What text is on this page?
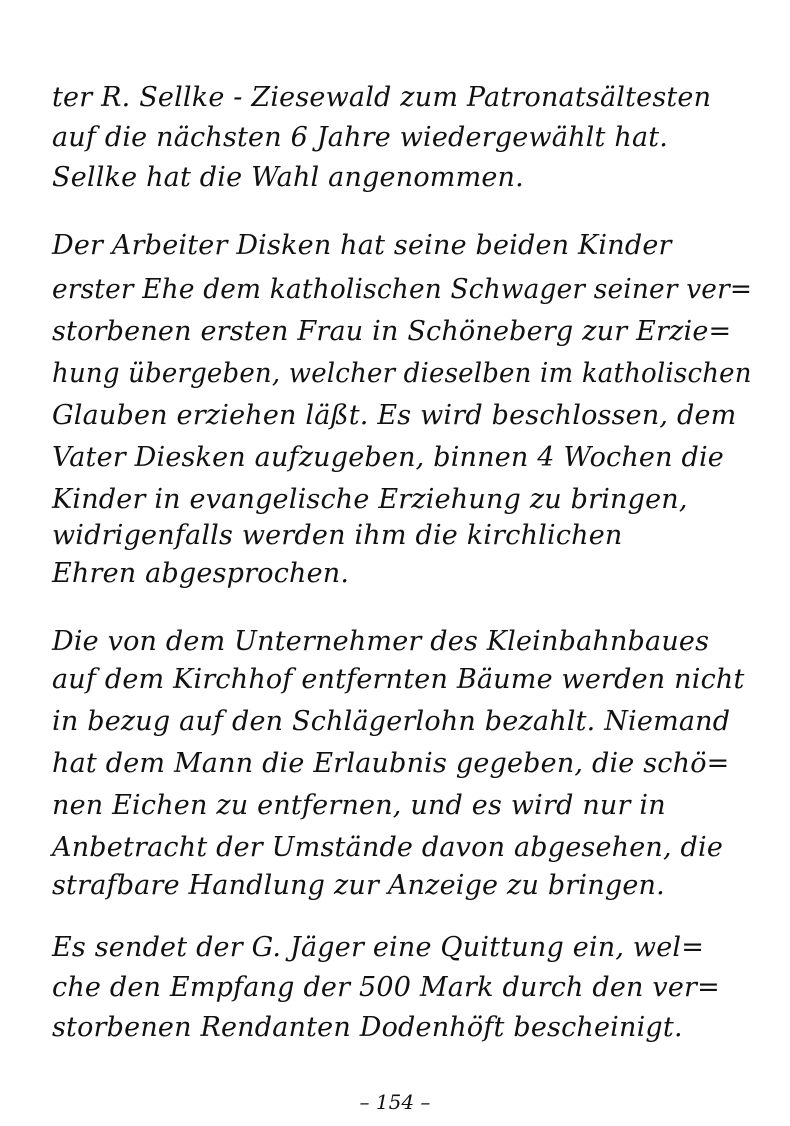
ter R. Sellke - Ziesewald zum Patronatsältesten
auf die nächsten 6 Jahre wiedergewählt hat.
Sellke hat die Wahl angenommen.
Der Arbeiter Disken hat seine beiden Kinder
erster Ehe dem katholischen Schwager seiner ver=
storbenen ersten Frau in Schöneberg zur Erzie=
hung übergeben, welcher dieselben im katholischen
Glauben erziehen läßt. Es wird beschlossen, dem
Vater Diesken aufzugeben, binnen 4 Wochen die
Kinder in evangelische Erziehung zu bringen,
widrigenfalls werden ihm die kirchlichen
Ehren abgesprochen.
Die von dem Unternehmer des Kleinbahnbaues
auf dem Kirchhof entfernten Bäume werden nicht
in bezug auf den Schlägerlohn bezahlt. Niemand
hat dem Mann die Erlaubnis gegeben, die schö=
nen Eichen zu entfernen, und es wird nur in
Anbetracht der Umstände davon abgesehen, die
strafbare Handlung zur Anzeige zu bringen.
Es sendet der G. Jäger eine Quittung ein, wel=
che den Empfang der 500 Mark durch den ver=
storbenen Rendanten Dodenhöft bescheinigt.
– 154 –
